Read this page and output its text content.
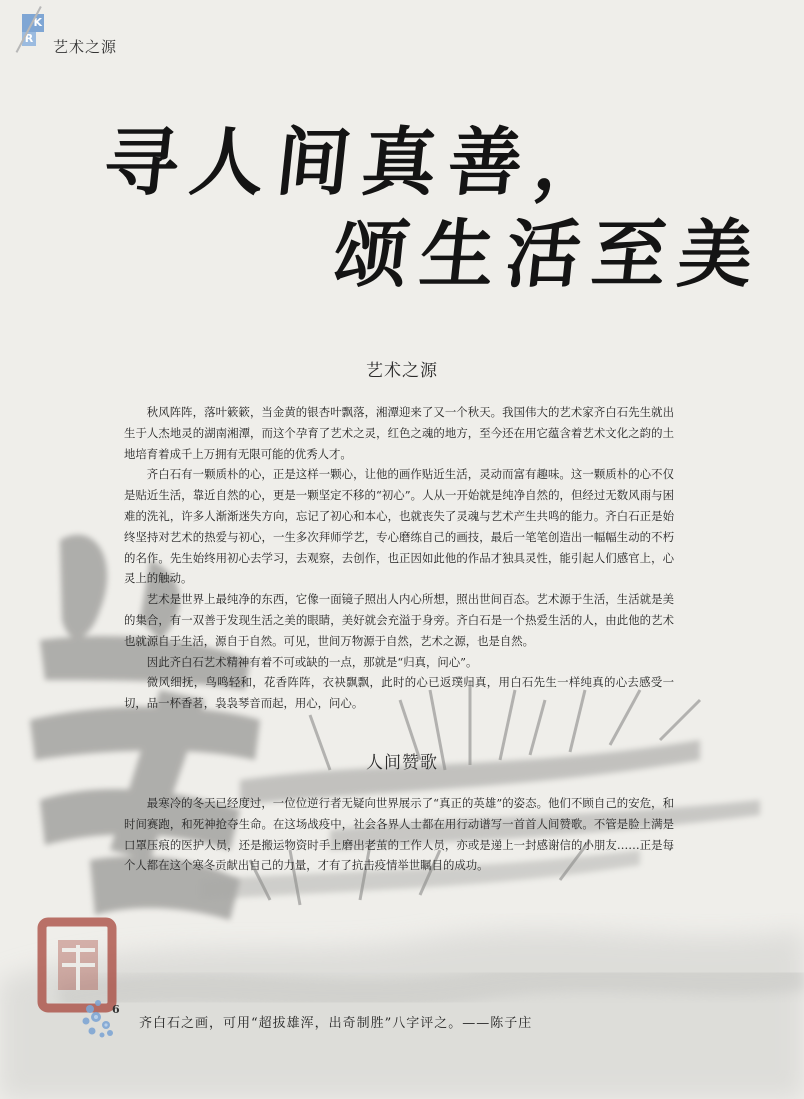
K
R 艺术之源
寻人间真善，
颂生活至美
艺术之源

秋风阵阵，落叶簌簌，当金黄的银杏叶飘落，湘潭迎来了又一个秋天。我国伟大的艺术家齐白石先生就出生于人杰地灵的湖南湘潭，而这个孕育了艺术之灵，红色之魂的地方，至今还在用它蕴含着艺术文化之韵的土地培育着成千上万拥有无限可能的优秀人才。

齐白石有一颗质朴的心，正是这样一颗心，让他的画作贴近生活，灵动而富有趣味。这一颗质朴的心不仅是贴近生活，靠近自然的心，更是一颗坚定不移的“初心”。人从一开始就是纯净自然的，但经过无数风雨与困难的洗礼，许多人渐渐迷失方向，忘记了初心和本心，也就丧失了灵魂与艺术产生共鸣的能力。齐白石正是始终坚持对艺术的热爱与初心，一生多次拜师学艺，专心磨练自己的画技，最后一笔笔创造出一幅幅生动的不朽的名作。先生始终用初心去学习，去观察，去创作，也正因如此他的作品才独具灵性，能引起人们感官上，心灵上的触动。

艺术是世界上最纯净的东西，它像一面镜子照出人内心所想，照出世间百态。艺术源于生活，生活就是美的集合，有一双善于发现生活之美的眼睛，美好就会充溢于身旁。齐白石是一个热爱生活的人，由此他的艺术也就源自于生活，源自于自然。可见，世间万物源于自然，艺术之源，也是自然。

因此齐白石艺术精神有着不可或缺的一点，那就是“归真，问心”。

微风细抚，鸟鸣轻和，花香阵阵，衣袂飘飘，此时的心已返璞归真，用白石先生一样纯真的心去感受一切，品一杯香茗，袅袅琴音而起，用心，问心。

人间赞歌

最寒冷的冬天已经度过，一位位逆行者无疑向世界展示了“真正的英雄”的姿态。他们不顾自己的安危，和时间赛跑，和死神抢夺生命。在这场战疫中，社会各界人士都在用行动谱写一首首人间赞歌。不管是脸上满是口罩压痕的医护人员，还是搬运物资时手上磨出老茧的工作人员，亦或是递上一封感谢信的小朋友……正是每个人都在这个寒冬贡献出自己的力量，才有了抗击疫情举世瞩目的成功。

6
齐白石之画，可用“超拔雄浑，出奇制胜”八字评之。——陈子庄
